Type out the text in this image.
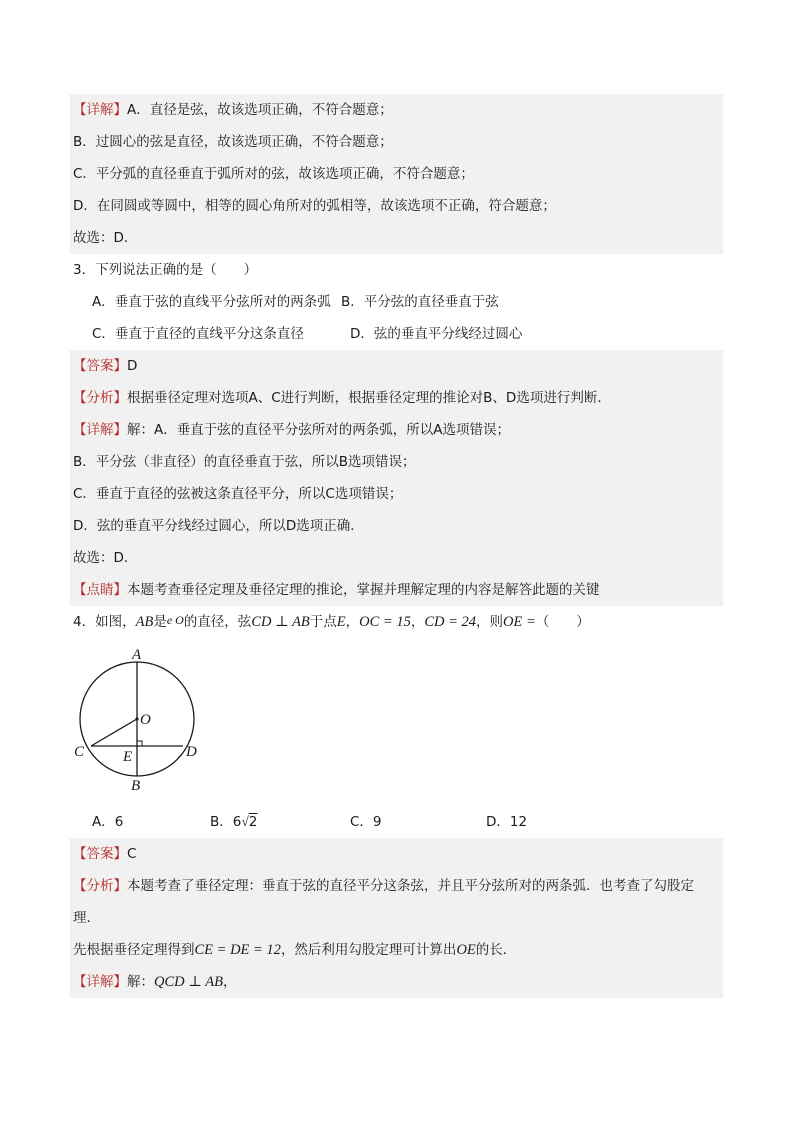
【详解】A．直径是弦，故该选项正确，不符合题意；
B．过圆心的弦是直径，故该选项正确，不符合题意；
C．平分弧的直径垂直于弧所对的弦，故该选项正确，不符合题意；
D．在同圆或等圆中，相等的圆心角所对的弧相等，故该选项不正确，符合题意；
故选：D．
3．下列说法正确的是（　　）
A．垂直于弦的直线平分弦所对的两条弧 B．平分弦的直径垂直于弦
C．垂直于直径的直线平分这条直径	D．弦的垂直平分线经过圆心
【答案】D
【分析】根据垂径定理对选项A、C进行判断，根据垂径定理的推论对B、D选项进行判断．
【详解】解：A．垂直于弦的直径平分弦所对的两条弧，所以A选项错误；
B．平分弦（非直径）的直径垂直于弦，所以B选项错误；
C．垂直于直径的弦被这条直径平分，所以C选项错误；
D．弦的垂直平分线经过圆心，所以D选项正确．
故选：D．
【点睛】本题考查垂径定理及垂径定理的推论，掌握并理解定理的内容是解答此题的关键
4．如图，AB是e O的直径，弦CD ⊥ AB于点E，OC = 15，CD = 24，则OE =（　　）
A
O
C	E	D
B
A．6	B．6√2	C．9	D．12
【答案】C
【分析】本题考查了垂径定理：垂直于弦的直径平分这条弦，并且平分弦所对的两条弧．也考查了勾股定
理．
先根据垂径定理得到CE = DE = 12，然后利用勾股定理可计算出OE的长．
【详解】解：QCD ⊥ AB，
